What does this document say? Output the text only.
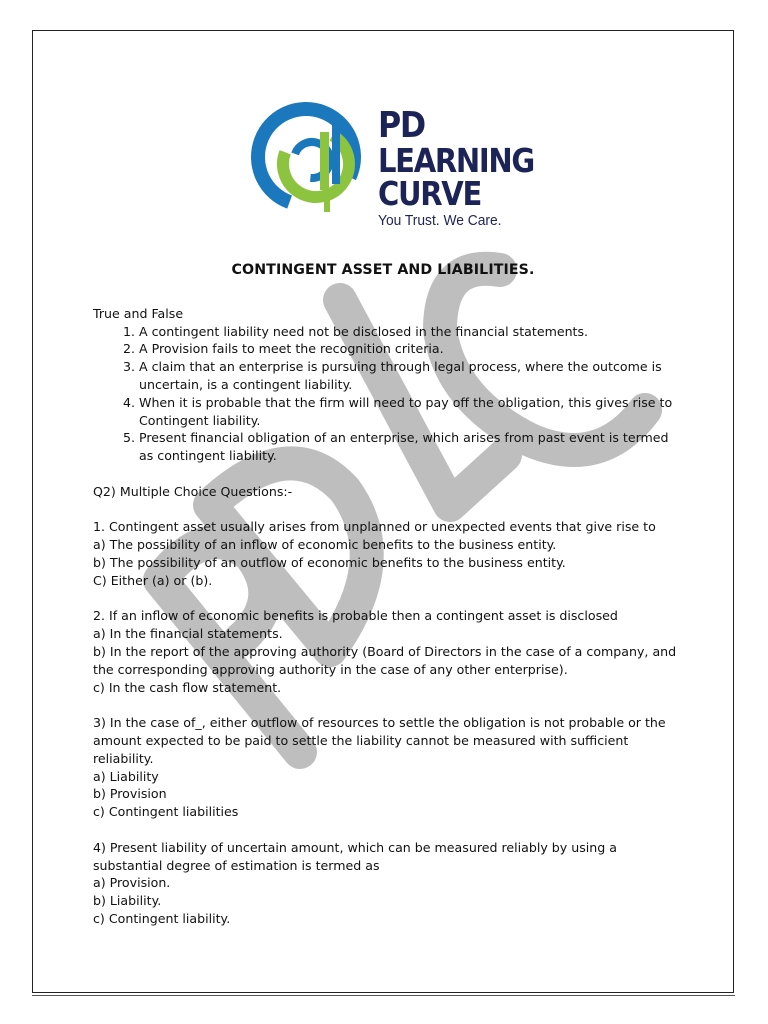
PD
LEARNING
CURVE
You Trust. We Care.
CONTINGENT ASSET AND LIABILITIES.

True and False

1. A contingent liability need not be disclosed in the financial statements.
2. A Provision fails to meet the recognition criteria.
3. A claim that an enterprise is pursuing through legal process, where the outcome is uncertain, is a contingent liability.
4. When it is probable that the firm will need to pay off the obligation, this gives rise to Contingent liability.
5. Present financial obligation of an enterprise, which arises from past event is termed as contingent liability.

Q2) Multiple Choice Questions:-

1. Contingent asset usually arises from unplanned or unexpected events that give rise to

a) The possibility of an inflow of economic benefits to the business entity.

b) The possibility of an outflow of economic benefits to the business entity.

C) Either (a) or (b).

2. If an inflow of economic benefits is probable then a contingent asset is disclosed

a) In the financial statements.

b) In the report of the approving authority (Board of Directors in the case of a company, and the corresponding approving authority in the case of any other enterprise).

c) In the cash flow statement.

3) In the case of_, either outflow of resources to settle the obligation is not probable or the amount expected to be paid to settle the liability cannot be measured with sufficient reliability.

a) Liability

b) Provision

c) Contingent liabilities

4) Present liability of uncertain amount, which can be measured reliably by using a substantial degree of estimation is termed as

a) Provision.

b) Liability.

c) Contingent liability.
